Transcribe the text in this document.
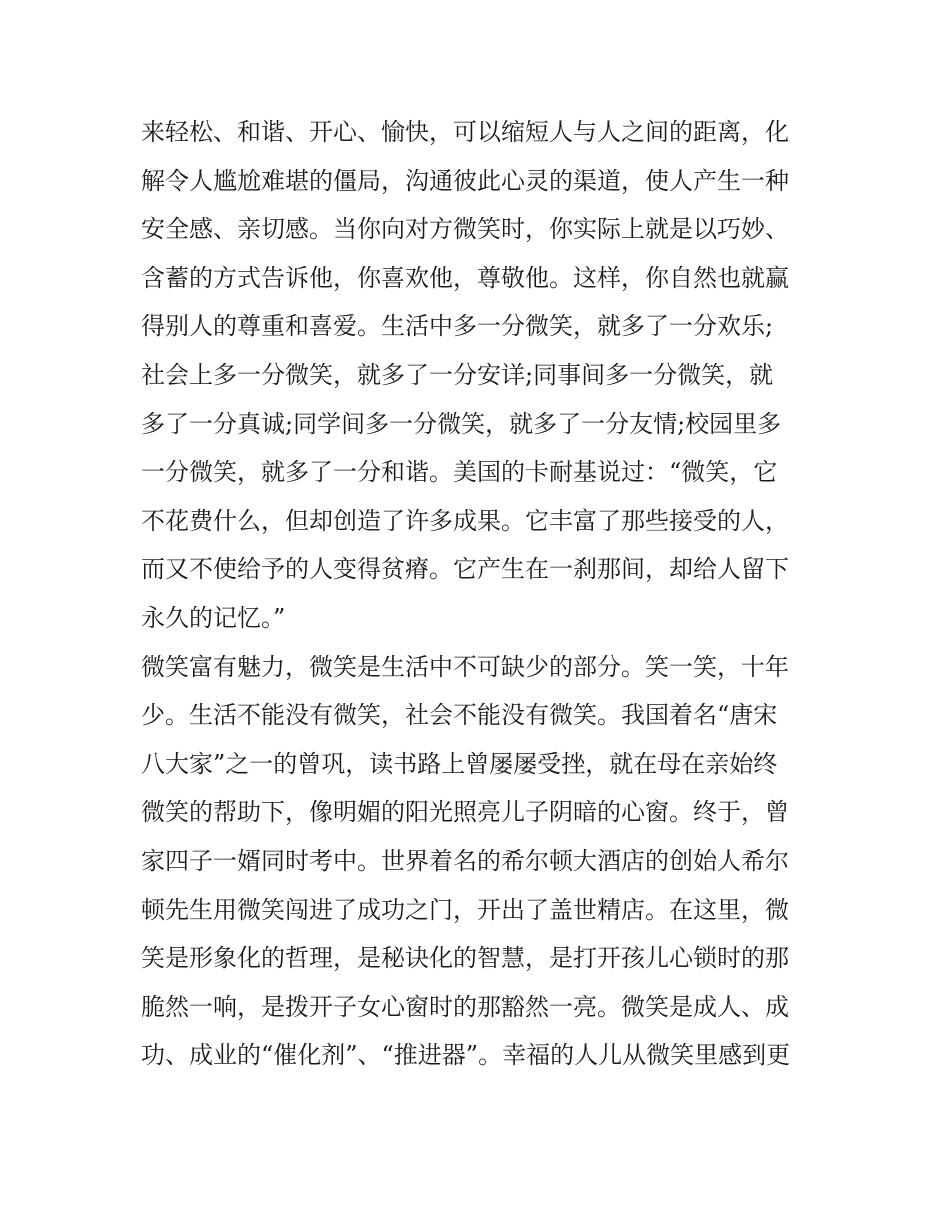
来轻松、和谐、开心、愉快，可以缩短人与人之间的距离，化
解令人尴尬难堪的僵局，沟通彼此心灵的渠道，使人产生一种
安全感、亲切感。当你向对方微笑时，你实际上就是以巧妙、
含蓄的方式告诉他，你喜欢他，尊敬他。这样，你自然也就赢
得别人的尊重和喜爱。生活中多一分微笑，就多了一分欢乐;
社会上多一分微笑，就多了一分安详;同事间多一分微笑，就
多了一分真诚;同学间多一分微笑，就多了一分友情;校园里多
一分微笑，就多了一分和谐。美国的卡耐基说过：“微笑，它
不花费什么，但却创造了许多成果。它丰富了那些接受的人，
而又不使给予的人变得贫瘠。它产生在一刹那间，却给人留下
永久的记忆。”
微笑富有魅力，微笑是生活中不可缺少的部分。笑一笑，十年
少。生活不能没有微笑，社会不能没有微笑。我国着名“唐宋
八大家”之一的曾巩，读书路上曾屡屡受挫，就在母在亲始终
微笑的帮助下，像明媚的阳光照亮儿子阴暗的心窗。终于，曾
家四子一婿同时考中。世界着名的希尔顿大酒店的创始人希尔
顿先生用微笑闯进了成功之门，开出了盖世精店。在这里，微
笑是形象化的哲理，是秘诀化的智慧，是打开孩儿心锁时的那
脆然一响，是拨开子女心窗时的那豁然一亮。微笑是成人、成
功、成业的“催化剂”、“推进器”。幸福的人儿从微笑里感到更
